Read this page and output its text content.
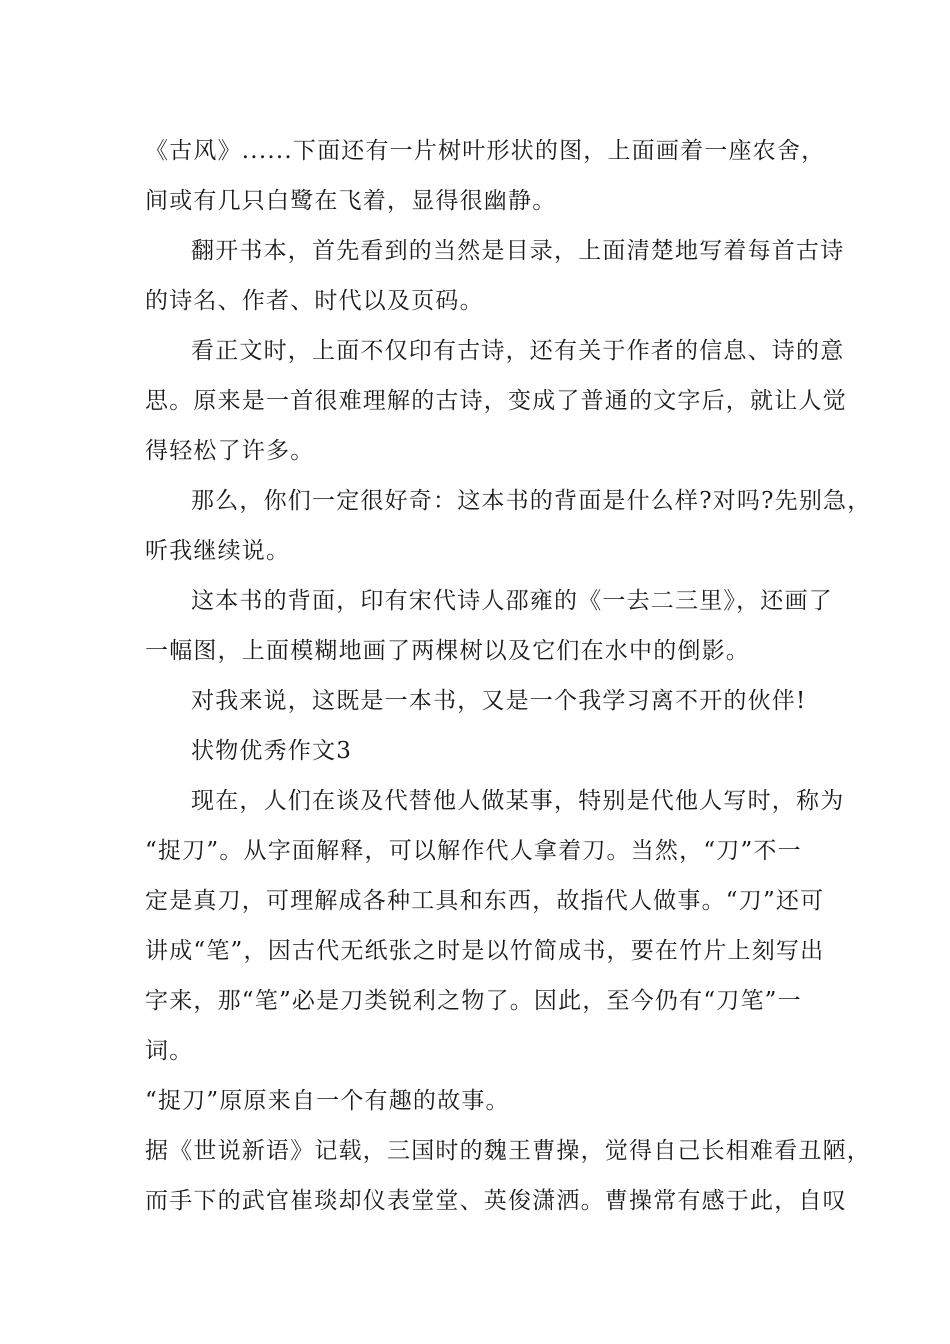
《古风》......下面还有一片树叶形状的图，上面画着一座农舍，

间或有几只白鹭在飞着，显得很幽静。

翻开书本，首先看到的当然是目录，上面清楚地写着每首古诗

的诗名、作者、时代以及页码。

看正文时，上面不仅印有古诗，还有关于作者的信息、诗的意

思。原来是一首很难理解的古诗，变成了普通的文字后，就让人觉

得轻松了许多。

那么，你们一定很好奇：这本书的背面是什么样?对吗?先别急，

听我继续说。

这本书的背面，印有宋代诗人邵雍的《一去二三里》，还画了

一幅图，上面模糊地画了两棵树以及它们在水中的倒影。

对我来说，这既是一本书，又是一个我学习离不开的伙伴!

状物优秀作文3

现在，人们在谈及代替他人做某事，特别是代他人写时，称为

“捉刀”。从字面解释，可以解作代人拿着刀。当然，“刀”不一

定是真刀，可理解成各种工具和东西，故指代人做事。“刀”还可

讲成“笔”，因古代无纸张之时是以竹简成书，要在竹片上刻写出

字来，那“笔”必是刀类锐利之物了。因此，至今仍有“刀笔”一

词。

“捉刀”原原来自一个有趣的故事。

据《世说新语》记载，三国时的魏王曹操，觉得自己长相难看丑陋，

而手下的武官崔琰却仪表堂堂、英俊潇洒。曹操常有感于此，自叹
